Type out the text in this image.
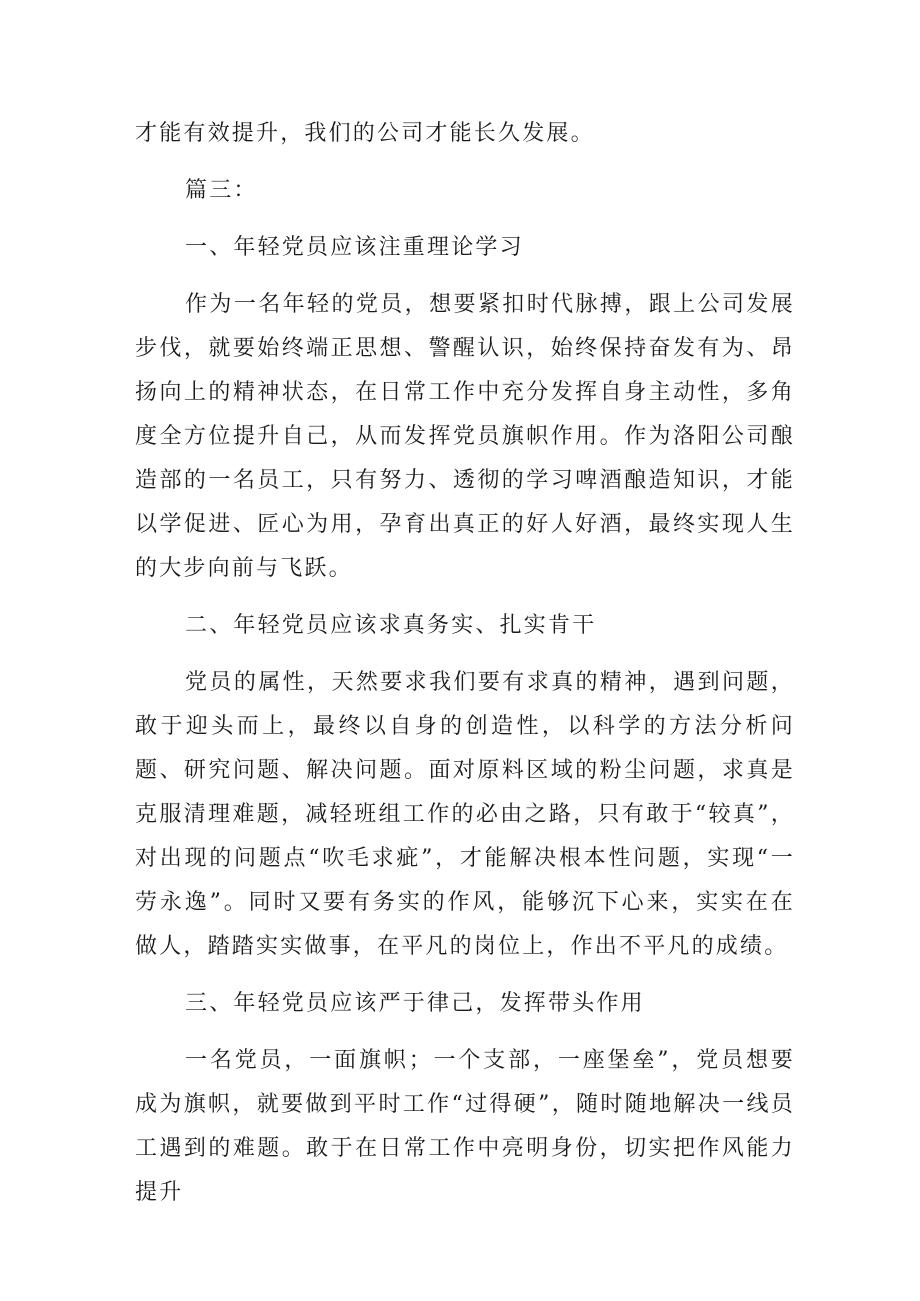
才能有效提升，我们的公司才能长久发展。

篇三：

一、年轻党员应该注重理论学习

作为一名年轻的党员，想要紧扣时代脉搏，跟上公司发展步伐，就要始终端正思想、警醒认识，始终保持奋发有为、昂扬向上的精神状态，在日常工作中充分发挥自身主动性，多角度全方位提升自己，从而发挥党员旗帜作用。作为洛阳公司酿造部的一名员工，只有努力、透彻的学习啤酒酿造知识，才能以学促进、匠心为用，孕育出真正的好人好酒，最终实现人生的大步向前与飞跃。

二、年轻党员应该求真务实、扎实肯干

党员的属性，天然要求我们要有求真的精神，遇到问题，敢于迎头而上，最终以自身的创造性，以科学的方法分析问题、研究问题、解决问题。面对原料区域的粉尘问题，求真是克服清理难题，减轻班组工作的必由之路，只有敢于“较真”，对出现的问题点“吹毛求疵”，才能解决根本性问题，实现“一劳永逸”。同时又要有务实的作风，能够沉下心来，实实在在做人，踏踏实实做事，在平凡的岗位上，作出不平凡的成绩。

三、年轻党员应该严于律己，发挥带头作用

一名党员，一面旗帜；一个支部，一座堡垒”，党员想要成为旗帜，就要做到平时工作“过得硬”，随时随地解决一线员工遇到的难题。敢于在日常工作中亮明身份，切实把作风能力提升
